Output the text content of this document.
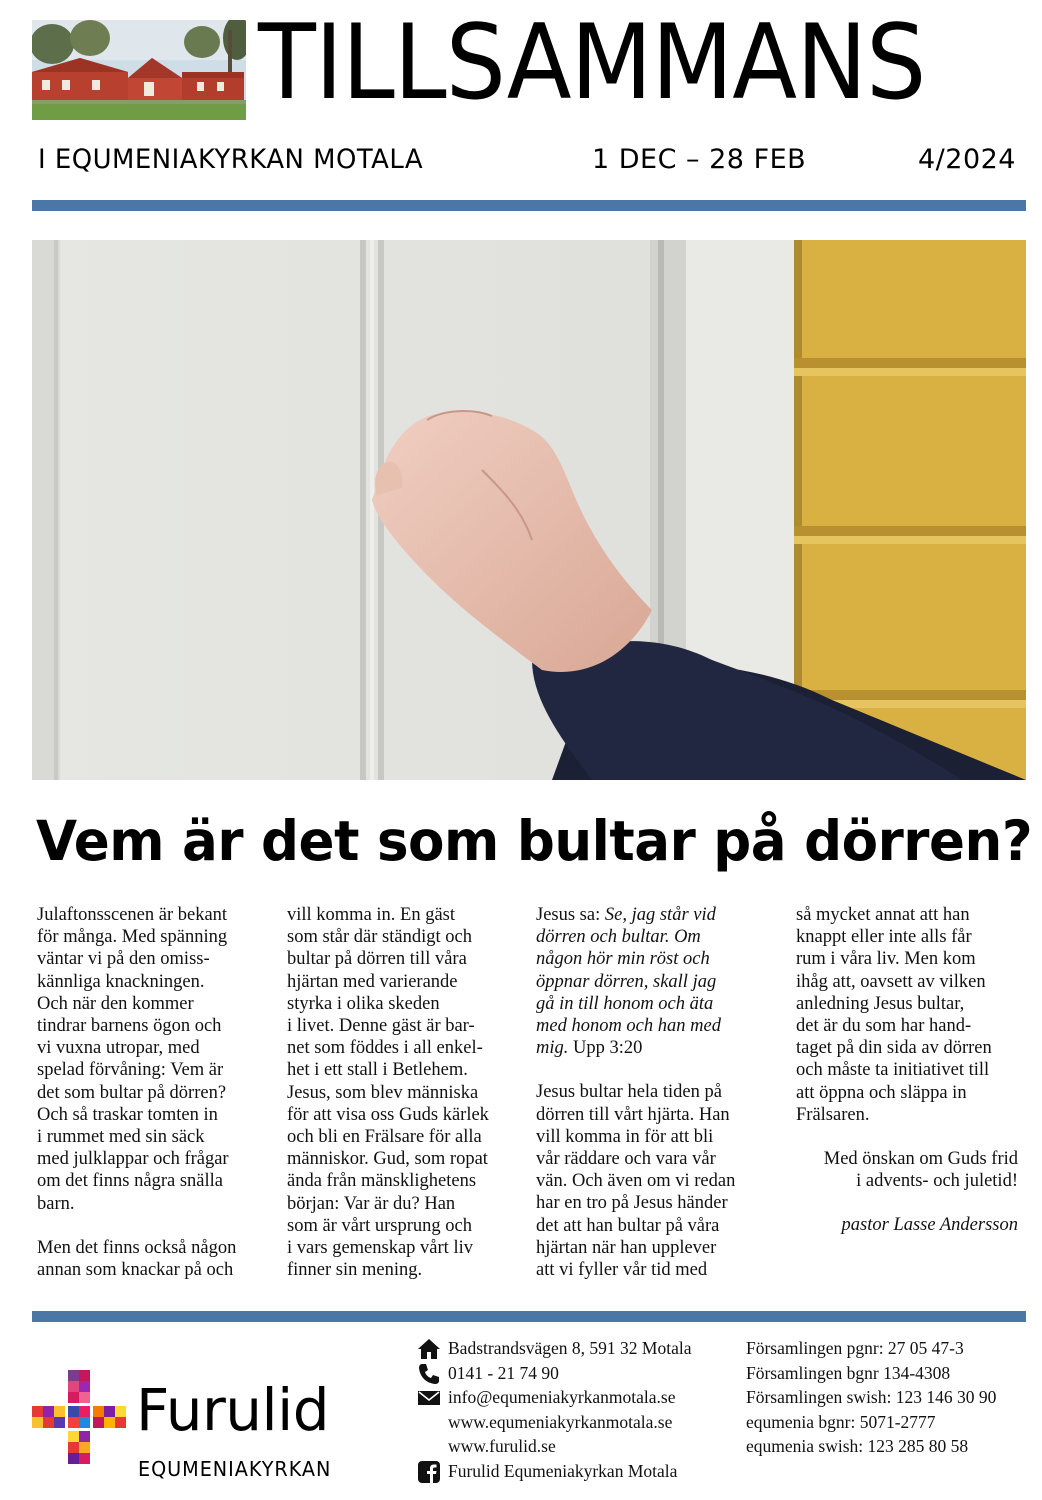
TILLSAMMANS
I EQUMENIAKYRKAN MOTALA	1 DEC – 28 FEB	4/2024
Vem är det som bultar på dörren?

Julaftonsscenen är bekant
för många. Med spänning
väntar vi på den omiss-
kännliga knackningen.
Och när den kommer
tindrar barnens ögon och
vi vuxna utropar, med
spelad förvåning: Vem är
det som bultar på dörren?
Och så traskar tomten in
i rummet med sin säck
med julklappar och frågar
om det finns några snälla
barn.

Men det finns också någon
annan som knackar på och

vill komma in. En gäst
som står där ständigt och
bultar på dörren till våra
hjärtan med varierande
styrka i olika skeden
i livet. Denne gäst är bar-
net som föddes i all enkel-
het i ett stall i Betlehem.
Jesus, som blev människa
för att visa oss Guds kärlek
och bli en Frälsare för alla
människor. Gud, som ropat
ända från mänsklighetens
början: Var är du? Han
som är vårt ursprung och
i vars gemenskap vårt liv
finner sin mening.

Jesus sa: Se, jag står vid
dörren och bultar. Om
någon hör min röst och
öppnar dörren, skall jag
gå in till honom och äta
med honom och han med
mig. Upp 3:20

Jesus bultar hela tiden på
dörren till vårt hjärta. Han
vill komma in för att bli
vår räddare och vara vår
vän. Och även om vi redan
har en tro på Jesus händer
det att han bultar på våra
hjärtan när han upplever
att vi fyller vår tid med

så mycket annat att han
knappt eller inte alls får
rum i våra liv. Men kom
ihåg att, oavsett av vilken
anledning Jesus bultar,
det är du som har hand-
taget på din sida av dörren
och måste ta initiativet till
att öppna och släppa in
Frälsaren.

Med önskan om Guds frid
i advents- och juletid!

pastor Lasse Andersson

Furulid
EQUMENIAKYRKAN
Badstrandsvägen 8, 591 32 Motala
0141 - 21 74 90
info@equmeniakyrkanmotala.se
www.equmeniakyrkanmotala.se
www.furulid.se
Furulid Equmeniakyrkan Motala
Församlingen pgnr: 27 05 47-3
Församlingen bgnr 134-4308
Församlingen swish: 123 146 30 90
equmenia bgnr: 5071-2777
equmenia swish: 123 285 80 58
